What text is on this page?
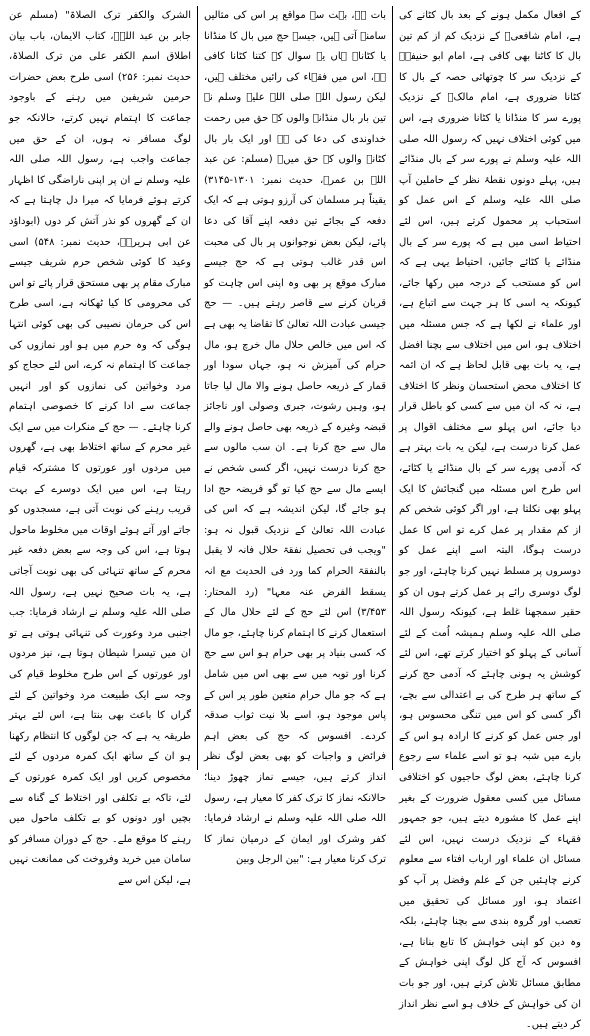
کے افعال مکمل ہونے کے بعد بال کٹانے کی ہے، امام شافعیؒ کے نزدیک کم از کم تین بال کا کاٹنا بھی کافی ہے، امام ابو حنیفہؒ کے نزدیک سر کا چوتھائی حصہ کے بال کا کٹانا ضروری ہے، امام مالکؒ کے نزدیک پورے سر کا منڈانا یا کٹانا ضروری ہے، اس میں کوئی اختلاف نہیں کہ رسول اللہ صلی اللہ علیہ وسلم نے پورے سر کے بال منڈائے ہیں، پہلے دونوں نقطۂ نظر کے حاملین آپ صلی اللہ علیہ وسلم کے اس عمل کو استحباب پر محمول کرتے ہیں، اس لئے احتیاط اسی میں ہے کہ پورے سر کے بال منڈائے یا کٹائے جائیں، احتیاط یہی ہے کہ اس کو مستحب کے درجہ میں رکھا جائے، کیونکہ یہ اسی کا ہر جہت سے اتباع ہے، اور علماء نے لکھا ہے کہ جس مسئلہ میں اختلاف ہو، اس میں اختلاف سے بچنا افضل ہے، یہ بات بھی قابل لحاظ ہے کہ ان ائمہ کا اختلاف محض استحسان ونظر کا اختلاف ہے، نہ کہ ان میں سے کسی کو باطل قرار دیا جائے، اس پہلو سے مختلف اقوال پر عمل کرنا درست ہے، لیکن یہ بات بہتر ہے کہ آدمی پورے سر کے بال منڈائے یا کٹائے، اس طرح اس مسئلہ میں گنجائش کا ایک پہلو بھی نکلتا ہے، اور اگر کوئی شخص کم از کم مقدار پر عمل کرے تو اس کا عمل درست ہوگا، البتہ اسے اپنے عمل کو دوسروں پر مسلط نہیں کرنا چاہئے، اور جو لوگ دوسری رائے پر عمل کرتے ہوں ان کو حقیر سمجھنا غلط ہے، کیونکہ رسول اللہ صلی اللہ علیہ وسلم ہمیشہ اُمت کے لئے آسانی کے پہلو کو اختیار کرتے تھے، اس لئے کوشش یہ ہونی چاہئے کہ آدمی حج کرنے کے ساتھ ہر طرح کی بے اعتدالی سے بچے، اگر کسی کو اس میں تنگی محسوس ہو، اور جس عمل کو کرنے کا ارادہ ہو اس کے بارے میں شبہ ہو تو اسے علماء سے رجوع کرنا چاہئے، بعض لوگ حاجیوں کو اختلافی مسائل میں کسی معقول ضرورت کے بغیر اپنے عمل کا مشورہ دیتے ہیں، جو جمہور فقہاء کے نزدیک درست نہیں، اس لئے مسائل ان علماء اور ارباب افتاء سے معلوم کرنے چاہئیں جن کے علم وفضل پر آپ کو اعتماد ہو، اور مسائل کی تحقیق میں تعصب اور گروہ بندی سے بچنا چاہئے، بلکہ وہ دین کو اپنی خواہش کا تابع بنانا ہے، افسوس کہ آج کل لوگ اپنی خواہش کے مطابق مسائل تلاش کرتے ہیں، اور جو بات ان کی خواہش کے خلاف ہو اسے نظر انداز کر دیتے ہیں۔

بات ہے، بہت سے مواقع پر اس کی مثالیں سامنے آتی ہیں، جیسے حج میں بال کا منڈانا یا کٹانا۔ ہاں یہ سوال کہ کتنا کٹانا کافی ہے، اس میں فقہاء کی رائیں مختلف ہیں، لیکن رسول اللہ صلی اللہ علیہ وسلم نے تین بار بال منڈانے والوں کے حق میں رحمت خداوندی کی دعا کی ہے اور ایک بار بال کٹانے والوں کے حق میں۔ (مسلم: عن عبد اللہ بن عمرؓ، حدیث نمبر: ۱۳۰۱-۳۱۴۵) یقیناً ہر مسلمان کی آرزو ہوتی ہے کہ ایک دفعہ کے بجائے تین دفعہ اپنے آقا کی دعا پائے، لیکن بعض نوجوانوں پر بال کی محبت اس قدر غالب ہوتی ہے کہ حج جیسے مبارک موقع پر بھی وہ اپنی اس چاہت کو قربان کرنے سے قاصر رہتے ہیں۔ — حج جیسی عبادت اللہ تعالیٰ کا تقاضا یہ بھی ہے کہ اس میں خالص حلال مال خرچ ہو، مال حرام کی آمیزش نہ ہو، جہاں سودا اور قمار کے ذریعہ حاصل ہونے والا مال لیا جاتا ہو، وہیں رشوت، جبری وصولی اور ناجائز قبضہ وغیرہ کے ذریعہ بھی حاصل ہونے والے مال سے حج کرنا ہے۔ ان سب مالوں سے حج کرنا درست نہیں، اگر کسی شخص نے ایسے مال سے حج کیا تو گو فریضہ حج ادا ہو جائے گا، لیکن اندیشہ ہے کہ اس کی عبادت اللہ تعالیٰ کے نزدیک قبول نہ ہو: "ویجب فی تحصیل نفقۃ حلال فانہ لا یقبل بالنفقۃ الحرام کما ورد فی الحدیث مع انہ یسقط الفرض عنہ معہا" (رد المحتار: ۳/۴۵۳) اس لئے حج کے لئے حلال مال کے استعمال کرنے کا اہتمام کرنا چاہئے، جو مال کہ کسی بنیاد پر بھی حرام ہو اس سے حج کرنا اور توبہ میں سے بھی اس میں شامل ہے کہ جو مال حرام متعین طور پر اس کے پاس موجود ہو، اسے بلا نیت ثواب صدقہ کردے۔ افسوس کہ حج کی بعض اہم فرائض و واجبات کو بھی بعض لوگ نظر انداز کرتے ہیں، جیسے نماز چھوڑ دینا؛ حالانکہ نماز کا ترک کفر کا معیار ہے، رسول اللہ صلی اللہ علیہ وسلم نے ارشاد فرمایا: کفر وشرک اور ایمان کے درمیان نماز کا ترک کرنا معیار ہے: "بین الرجل وبین

الشرک والکفر ترک الصلاۃ" (مسلم عن جابر بن عبد اللہؓ، کتاب الایمان، باب بیان اطلاق اسم الکفر علی من ترک الصلاۃ، حدیث نمبر: ۲۵۶) اسی طرح بعض حضرات حرمین شریفین میں رہنے کے باوجود جماعت کا اہتمام نہیں کرتے، حالانکہ جو لوگ مسافر نہ ہوں، ان کے حق میں جماعت واجب ہے، رسول اللہ صلی اللہ علیہ وسلم نے ان پر اپنی ناراضگی کا اظہار کرتے ہوئے فرمایا کہ میرا دل چاہتا ہے کہ ان کے گھروں کو نذر آتش کر دوں (ابوداؤد عن ابی ہریرہؓ، حدیث نمبر: ۵۴۸) اسی وعید کا کوئی شخص حرم شریف جیسے مبارک مقام پر بھی مستحق قرار پائے تو اس کی محرومی کا کیا ٹھکانہ ہے، اسی طرح اس کی حرمان نصیبی کی بھی کوئی انتہا ہوگی کہ وہ حرم میں ہو اور نمازوں کی جماعت کا اہتمام نہ کرے، اس لئے حجاج کو مرد وخواتین کی نمازوں کو اور انہیں جماعت سے ادا کرنے کا خصوصی اہتمام کرنا چاہئے۔ — حج کے منکرات میں سے ایک غیر محرم کے ساتھ اختلاط بھی ہے، گھروں میں مردوں اور عورتوں کا مشترکہ قیام رہتا ہے، اس میں ایک دوسرے کے بہت قریب رہنے کی نوبت آتی ہے، مسجدوں کو جاتے اور آتے ہوئے اوقات میں مخلوط ماحول ہوتا ہے، اس کی وجہ سے بعض دفعہ غیر محرم کے ساتھ تنہائی کی بھی نوبت آجاتی ہے، یہ بات صحیح نہیں ہے، رسول اللہ صلی اللہ علیہ وسلم نے ارشاد فرمایا: جب اجنبی مرد وعورت کی تنہائی ہوتی ہے تو ان میں تیسرا شیطان ہوتا ہے، نیز مردوں اور عورتوں کے اس طرح مخلوط قیام کی وجہ سے ایک طبیعت مرد وخواتین کے لئے گراں کا باعث بھی بنتا ہے، اس لئے بہتر طریقہ یہ ہے کہ جن لوگوں کا انتظام رکھنا ہو ان کے ساتھ ایک کمرہ مردوں کے لئے مخصوص کریں اور ایک کمرہ عورتوں کے لئے، تاکہ بے تکلفی اور اختلاط کے گناہ سے بچیں اور دونوں کو بے تکلف ماحول میں رہنے کا موقع ملے۔ حج کے دوران مسافر کو سامان میں خرید وفروخت کی ممانعت نہیں ہے، لیکن اس سے
